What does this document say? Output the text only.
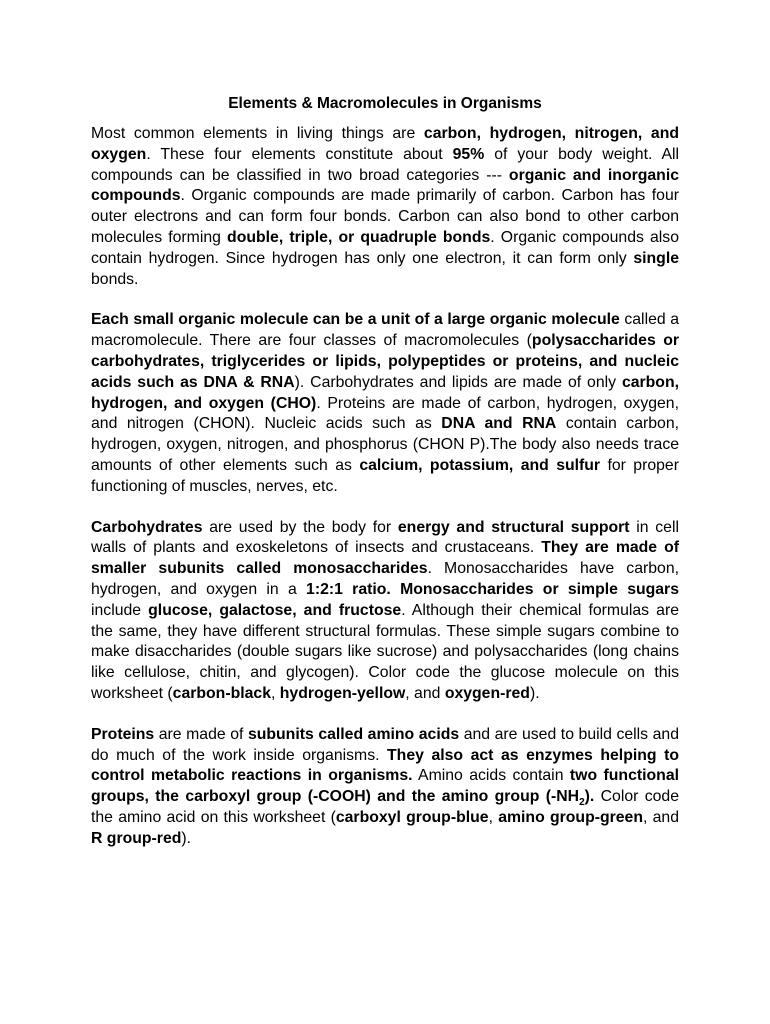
Elements & Macromolecules in Organisms

Most common elements in living things are carbon, hydrogen, nitrogen, and oxygen. These four elements constitute about 95% of your body weight. All compounds can be classified in two broad categories --- organic and inorganic compounds. Organic compounds are made primarily of carbon. Carbon has four outer electrons and can form four bonds. Carbon can also bond to other carbon molecules forming double, triple, or quadruple bonds. Organic compounds also contain hydrogen. Since hydrogen has only one electron, it can form only single bonds.

Each small organic molecule can be a unit of a large organic molecule called a macromolecule. There are four classes of macromolecules (polysaccharides or carbohydrates, triglycerides or lipids, polypeptides or proteins, and nucleic acids such as DNA & RNA). Carbohydrates and lipids are made of only carbon, hydrogen, and oxygen (CHO). Proteins are made of carbon, hydrogen, oxygen, and nitrogen (CHON). Nucleic acids such as DNA and RNA contain carbon, hydrogen, oxygen, nitrogen, and phosphorus (CHON P).The body also needs trace amounts of other elements such as calcium, potassium, and sulfur for proper functioning of muscles, nerves, etc.

Carbohydrates are used by the body for energy and structural support in cell walls of plants and exoskeletons of insects and crustaceans. They are made of smaller subunits called monosaccharides. Monosaccharides have carbon, hydrogen, and oxygen in a 1:2:1 ratio. Monosaccharides or simple sugars include glucose, galactose, and fructose. Although their chemical formulas are the same, they have different structural formulas. These simple sugars combine to make disaccharides (double sugars like sucrose) and polysaccharides (long chains like cellulose, chitin, and glycogen). Color code the glucose molecule on this worksheet (carbon-black, hydrogen-yellow, and oxygen-red).

Proteins are made of subunits called amino acids and are used to build cells and do much of the work inside organisms. They also act as enzymes helping to control metabolic reactions in organisms. Amino acids contain two functional groups, the carboxyl group (-COOH) and the amino group $(-NH_2)$. Color code the amino acid on this worksheet (carboxyl group-blue, amino group-green, and R group-red).
